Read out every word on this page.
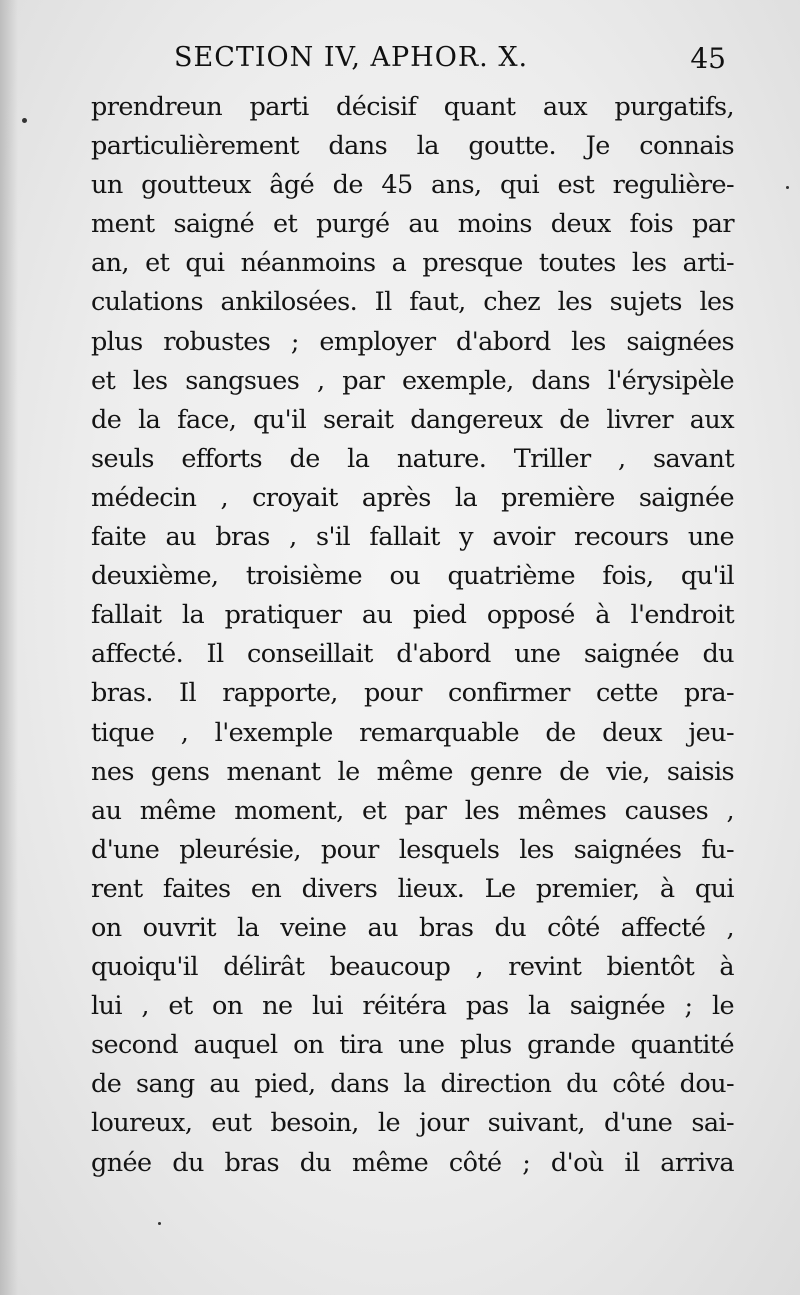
SECTION IV, APHOR. X.	45
prendreun parti décisif quant aux purgatifs,
particulièrement dans la goutte. Je connais
un goutteux âgé de 45 ans, qui est regulière-
ment saigné et purgé au moins deux fois par
an, et qui néanmoins a presque toutes les arti-
culations ankilosées. Il faut, chez les sujets les
plus robustes ; employer d'abord les saignées
et les sangsues , par exemple, dans l'érysipèle
de la face, qu'il serait dangereux de livrer aux
seuls efforts de la nature. Triller , savant
médecin , croyait après la première saignée
faite au bras , s'il fallait y avoir recours une
deuxième, troisième ou quatrième fois, qu'il
fallait la pratiquer au pied opposé à l'endroit
affecté. Il conseillait d'abord une saignée du
bras. Il rapporte, pour confirmer cette pra-
tique , l'exemple remarquable de deux jeu-
nes gens menant le même genre de vie, saisis
au même moment, et par les mêmes causes ,
d'une pleurésie, pour lesquels les saignées fu-
rent faites en divers lieux. Le premier, à qui
on ouvrit la veine au bras du côté affecté ,
quoiqu'il délirât beaucoup , revint bientôt à
lui , et on ne lui réitéra pas la saignée ; le
second auquel on tira une plus grande quantité
de sang au pied, dans la direction du côté dou-
loureux, eut besoin, le jour suivant, d'une sai-
gnée du bras du même côté ; d'où il arriva
